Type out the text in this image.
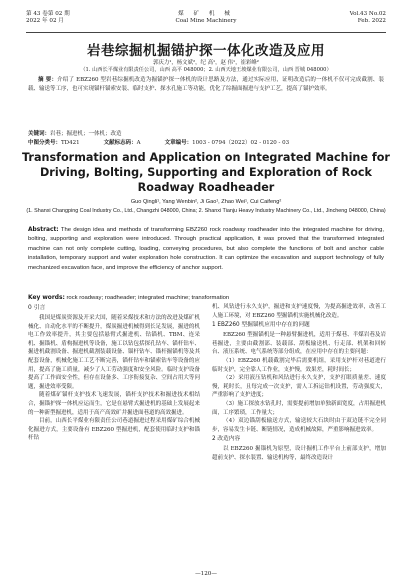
第 43 卷第 02 期
2022 年 02 月
煤 矿 机 械
Coal Mine Machinery
Vol.43 No.02
Feb. 2022
岩巷综掘机掘锚护探一体化改造及应用
郭庆力¹，杨文斌²，纪 高¹，赵 伟¹，崔彩峰²
（1. 山西长平煤业有限责任公司，山西 高平 048000；2. 山西天地王坡煤业有限公司，山西 晋城 048000）
摘 要：介绍了 EBZ260 型岩巷综掘机改造为掘锚护探一体机的设计思路及方法，通过实际应用，证明改造后的一体机不仅可完成截割、装载、输送等工序，也可实现锚杆锚索安装、临时支护、探水孔施工等功能，优化了综掘面掘进与支护工艺，提高了锚护效率。
关键词：岩巷；掘进机；一体机；改造
中图分类号：TD421	文献标志码：A	文章编号：1003 - 0794（2022）02 - 0120 - 03
Transformation and Application on Integrated Machine for Driving, Bolting, Supporting and Exploration of Rock Roadway Roadheader
Guo Qingli¹, Yang Wenbin², Ji Gao¹, Zhao Wei¹, Cui Caifeng²
(1. Shanxi Changping Coal Industry Co., Ltd., Changzhi 048000, China; 2. Shanxi Tianju Heavy Industry Machinery Co., Ltd., Jincheng 048000, China)
Abstract: The design idea and methods of transforming EBZ260 rock roadway roadheader into the integrated machine for driving, bolting, supporting and exploration were introduced. Through practical application, it was proved that the transformed integrated machine can not only complete cutting, loading, conveying procedures, but also complete the functions of bolt and anchor cable installation, temporary support and water exploration hole construction. It can optimize the excavation and support technology of fully mechanized excavation face, and improve the efficiency of anchor support.
Key words: rock roadway; roadheader; integrated machine; transformation
0 引言

我国是煤炭资源及开采大国，随着采煤技术和方法的改进及煤矿机械化、自动化水平的不断提升，煤炭掘进机械得到长足发展，掘进的机电工作效率提升，其主要包括悬臂式掘进机、钻锚机、TBM、连采机、掘锚机、盾构掘进机等设备，施工以钻包括探孔钻车、锚杆钻车、掘进机截割设备、掘进机截割装载设备、锚杆钻车、锚杆掘锚机等及其配套设备，机械化施工工艺不断完善，锚杆钻车和锚索钻车等设备的应用，提高了施工质量，减少了人工劳动强度和安全风险。临时支护设备提高了工作面安全性，但存在设备多、工序衔接复杂、空间占用大等问题，掘进效率受限。

随着煤矿锚杆支护技术飞速发展，锚杆支护技术和掘进技术相结合，掘锚护探一体机应运而生，它是在悬臂式掘进机的基础上发展起来的一种新型掘进机，适用于高产高效矿井掘进面巷道的高效掘进。

目前，山西长平煤业有限责任公司巷道掘进过程采用煤矿综合机械化掘进方式，主要设备有 EBZ260 型掘进机，配套使用临时支护和锚杆钻

机、风钻进行永久支护，掘进和支护速度慢，为提高掘进效率，改善工人施工环境，对 EBZ260 型掘锚机实施机械化改造。

1 EBZ260 型掘锚机应用中存在的问题

EBZ260 型掘锚机是一种悬臂掘进机，适用于煤巷、半煤岩巷及岩巷掘进，主要由截割部、装载部、刮板输送机、行走部、机架和回转台、液压系统、电气系统等部分组成，在应用中存在的主要问题：

（1）EBZ260 机载截割完毕后需要机组，采用支护杆对巷道进行临时支护，完全靠人工作业，支护慢，效果差，耗时间长；

（2）采用液压钻机和风钻进行永久支护，支护打眼质量差、速度慢，耗时长，且每完成一次支护，需人工拆运钻机设置，劳动强度大，严重影响了支护进度；

（3）施工探放水钻孔时，需要提前增加单独新面宽度，占用掘进机面，工序繁琐，工作量大；

（4）双边锚刮板输送方式，输送较大石块时由于双边链不完全同步，容易发生卡链、断链情况，造成机械故障，严重影响掘进效率。

2 改造内容

以 EBZ260 掘锚机为原型，设计掘机工作平台上前部支护，增加超前支护、探水装置、输送机构等，最终改造设计

—120—
